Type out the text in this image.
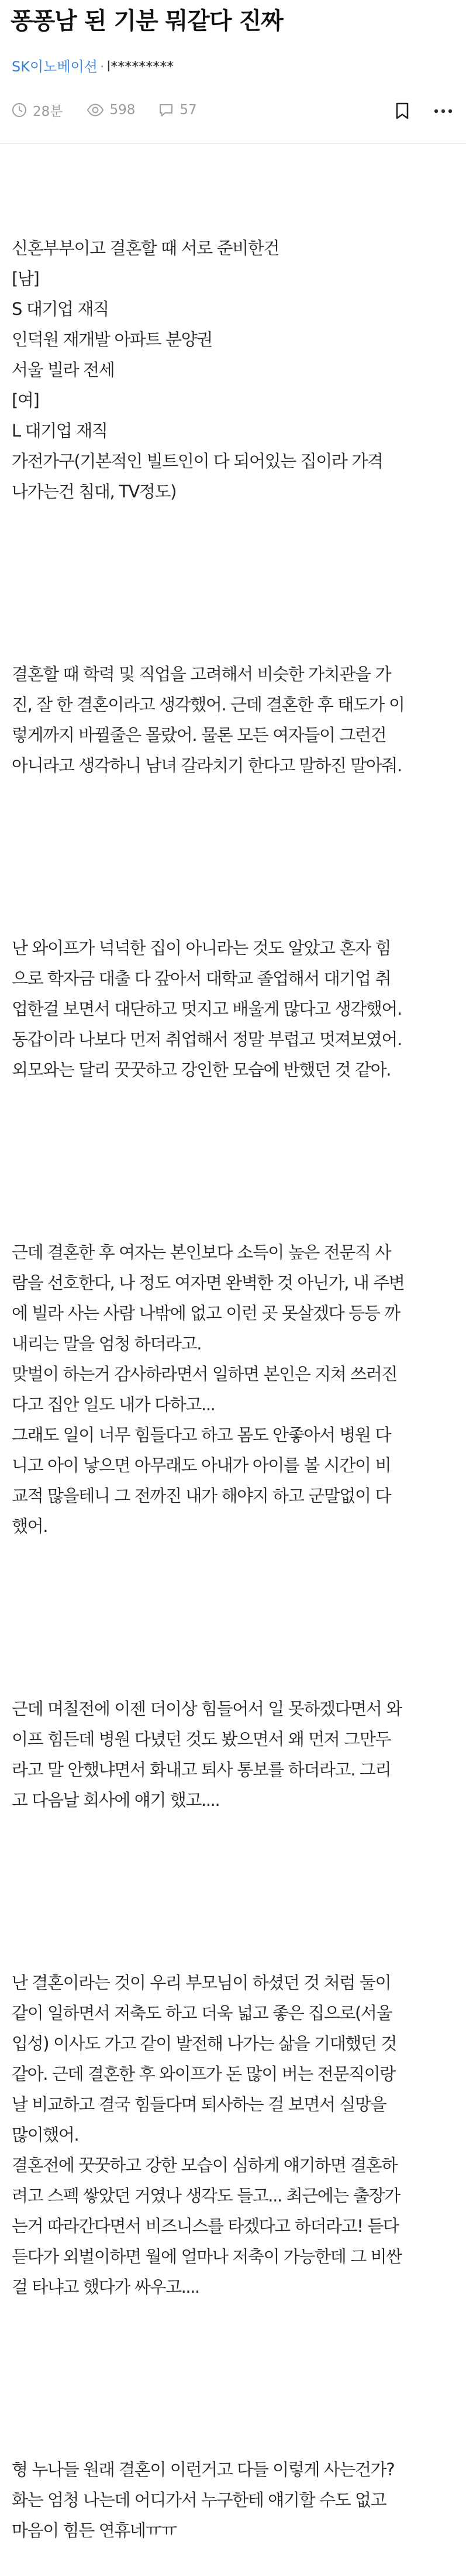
퐁퐁남 된 기분 뭐같다 진짜
SK이노베이션 · l*********
28분	598	57

신혼부부이고 결혼할 때 서로 준비한건
[남]
S 대기업 재직
인덕원 재개발 아파트 분양권
서울 빌라 전세
[여]
L 대기업 재직
가전가구(기본적인 빌트인이 다 되어있는 집이라 가격
나가는건 침대, TV정도)

결혼할 때 학력 및 직업을 고려해서 비슷한 가치관을 가
진, 잘 한 결혼이라고 생각했어. 근데 결혼한 후 태도가 이
렇게까지 바뀔줄은 몰랐어. 물론 모든 여자들이 그런건
아니라고 생각하니 남녀 갈라치기 한다고 말하진 말아줘.

난 와이프가 넉넉한 집이 아니라는 것도 알았고 혼자 힘
으로 학자금 대출 다 갚아서 대학교 졸업해서 대기업 취
업한걸 보면서 대단하고 멋지고 배울게 많다고 생각했어.
동갑이라 나보다 먼저 취업해서 정말 부럽고 멋져보였어.
외모와는 달리 꿋꿋하고 강인한 모습에 반했던 것 같아.

근데 결혼한 후 여자는 본인보다 소득이 높은 전문직 사
람을 선호한다, 나 정도 여자면 완벽한 것 아닌가, 내 주변
에 빌라 사는 사람 나밖에 없고 이런 곳 못살겠다 등등 까
내리는 말을 엄청 하더라고.
맞벌이 하는거 감사하라면서 일하면 본인은 지쳐 쓰러진
다고 집안 일도 내가 다하고...
그래도 일이 너무 힘들다고 하고 몸도 안좋아서 병원 다
니고 아이 낳으면 아무래도 아내가 아이를 볼 시간이 비
교적 많을테니 그 전까진 내가 해야지 하고 군말없이 다
했어.

근데 며칠전에 이젠 더이상 힘들어서 일 못하겠다면서 와
이프 힘든데 병원 다녔던 것도 봤으면서 왜 먼저 그만두
라고 말 안했냐면서 화내고 퇴사 통보를 하더라고. 그리
고 다음날 회사에 얘기 했고....

난 결혼이라는 것이 우리 부모님이 하셨던 것 처럼 둘이
같이 일하면서 저축도 하고 더욱 넓고 좋은 집으로(서울
입성) 이사도 가고 같이 발전해 나가는 삶을 기대했던 것
같아. 근데 결혼한 후 와이프가 돈 많이 버는 전문직이랑
날 비교하고 결국 힘들다며 퇴사하는 걸 보면서 실망을
많이했어.
결혼전에 꿋꿋하고 강한 모습이 심하게 얘기하면 결혼하
려고 스펙 쌓았던 거였나 생각도 들고... 최근에는 출장가
는거 따라간다면서 비즈니스를 타겠다고 하더라고! 듣다
듣다가 외벌이하면 월에 얼마나 저축이 가능한데 그 비싼
걸 타냐고 했다가 싸우고....

형 누나들 원래 결혼이 이런거고 다들 이렇게 사는건가?
화는 엄청 나는데 어디가서 누구한테 얘기할 수도 없고
마음이 힘든 연휴네ㅠㅠ
